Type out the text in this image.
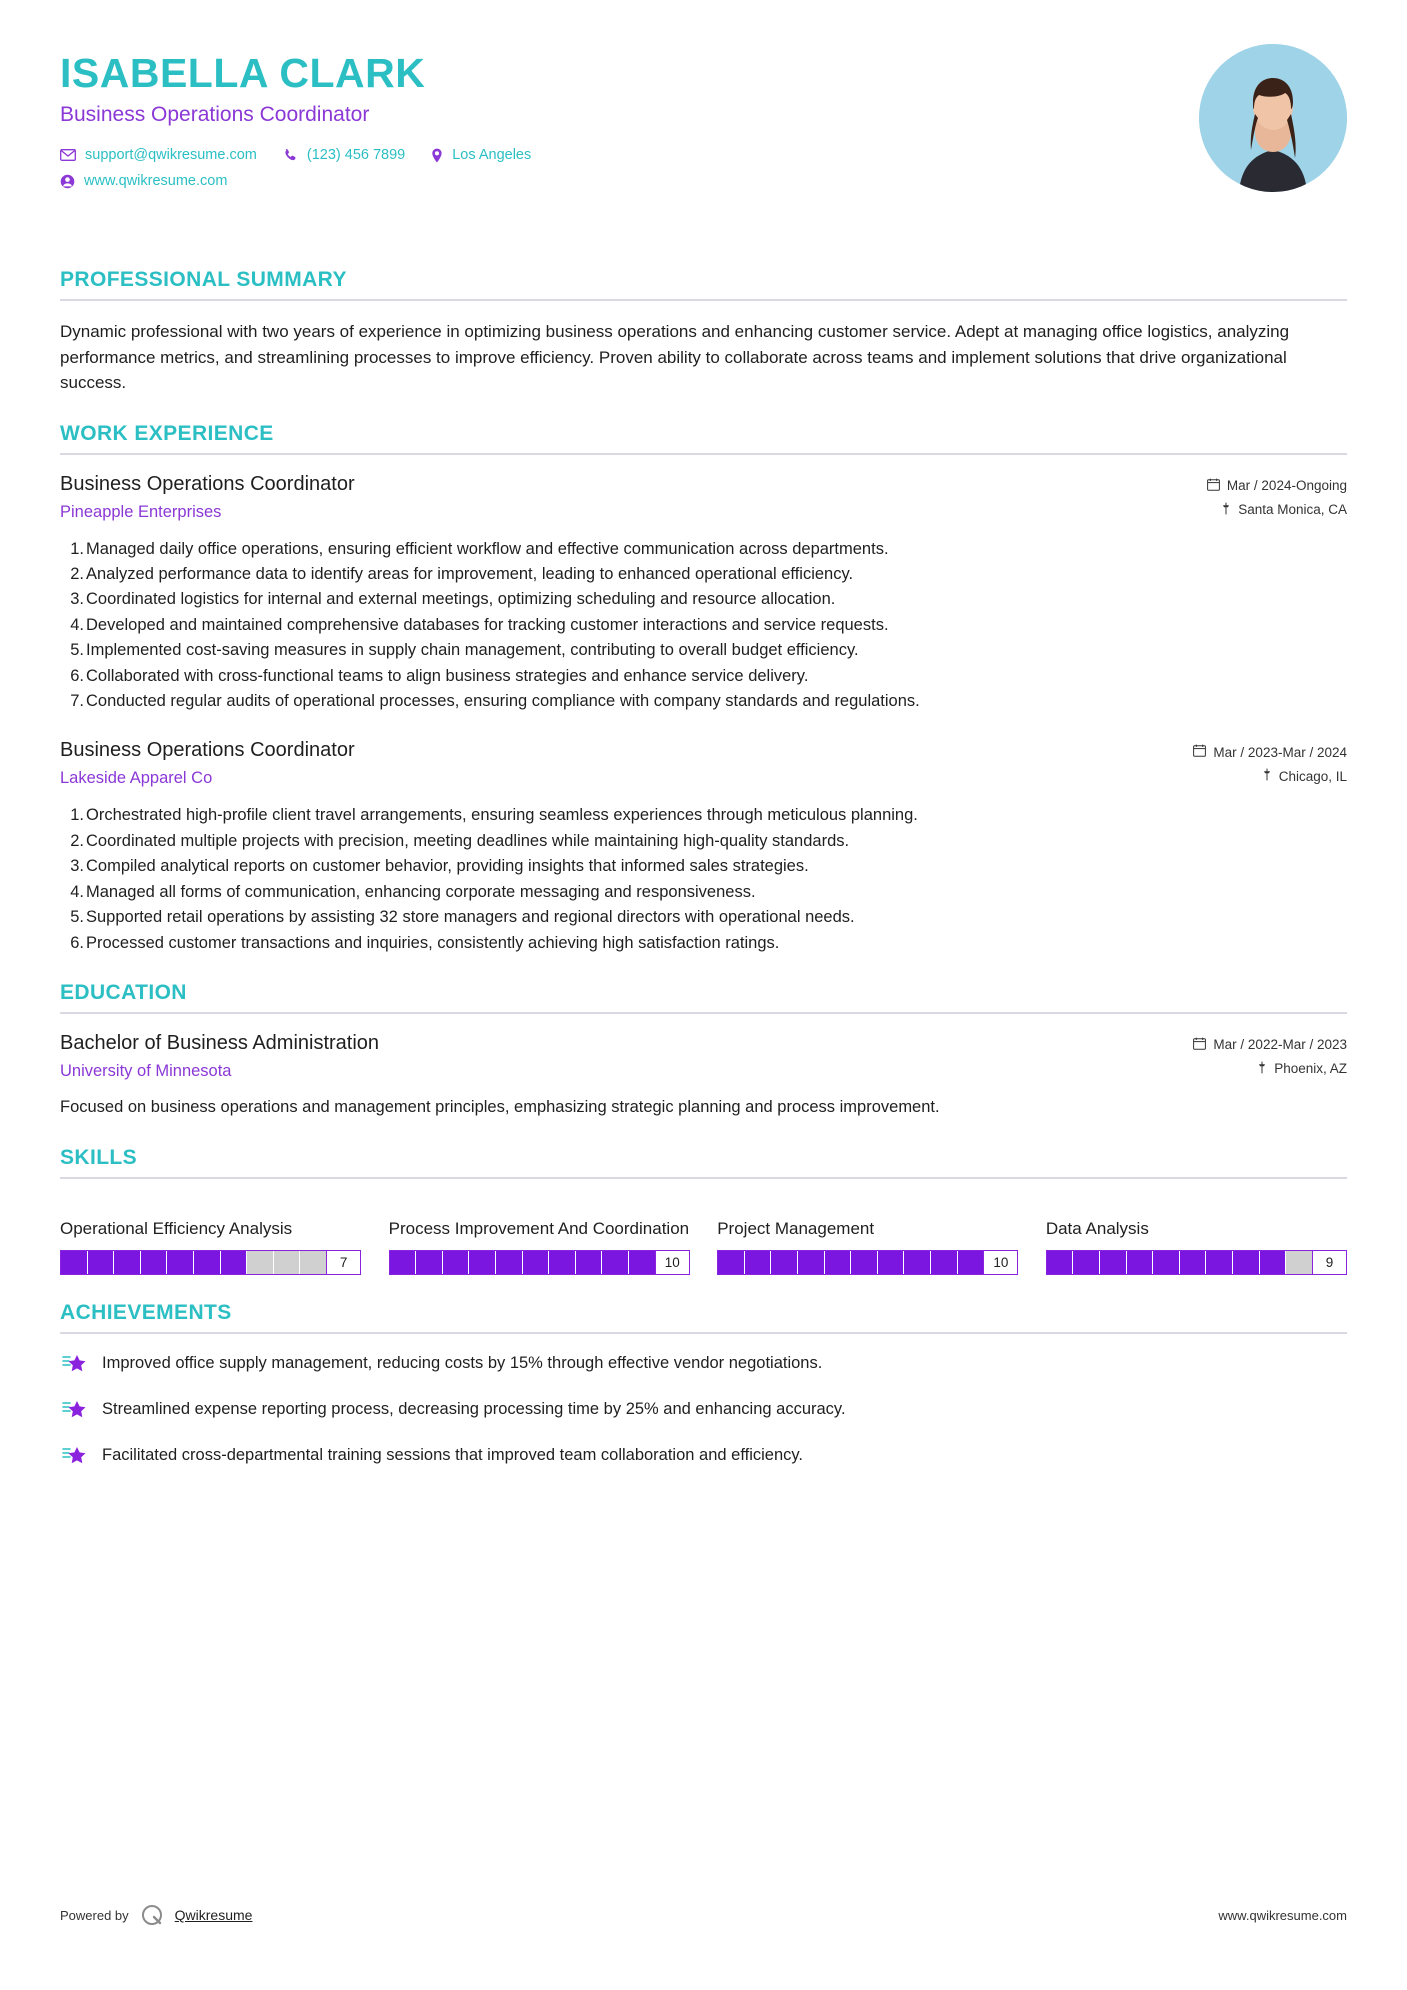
ISABELLA CLARK
Business Operations Coordinator
support@qwikresume.com	(123) 456 7899	Los Angeles
www.qwikresume.com
PROFESSIONAL SUMMARY
Dynamic professional with two years of experience in optimizing business operations and enhancing customer service. Adept at managing office logistics, analyzing performance metrics, and streamlining processes to improve efficiency. Proven ability to collaborate across teams and implement solutions that drive organizational success.
WORK EXPERIENCE
Business Operations Coordinator
Pineapple Enterprises
Mar / 2024-Ongoing
Santa Monica, CA
1. Managed daily office operations, ensuring efficient workflow and effective communication across departments.
2. Analyzed performance data to identify areas for improvement, leading to enhanced operational efficiency.
3. Coordinated logistics for internal and external meetings, optimizing scheduling and resource allocation.
4. Developed and maintained comprehensive databases for tracking customer interactions and service requests.
5. Implemented cost-saving measures in supply chain management, contributing to overall budget efficiency.
6. Collaborated with cross-functional teams to align business strategies and enhance service delivery.
7. Conducted regular audits of operational processes, ensuring compliance with company standards and regulations.
Business Operations Coordinator
Lakeside Apparel Co
Mar / 2023-Mar / 2024
Chicago, IL
1. Orchestrated high-profile client travel arrangements, ensuring seamless experiences through meticulous planning.
2. Coordinated multiple projects with precision, meeting deadlines while maintaining high-quality standards.
3. Compiled analytical reports on customer behavior, providing insights that informed sales strategies.
4. Managed all forms of communication, enhancing corporate messaging and responsiveness.
5. Supported retail operations by assisting 32 store managers and regional directors with operational needs.
6. Processed customer transactions and inquiries, consistently achieving high satisfaction ratings.
EDUCATION
Bachelor of Business Administration
University of Minnesota
Mar / 2022-Mar / 2023
Phoenix, AZ
Focused on business operations and management principles, emphasizing strategic planning and process improvement.
SKILLS
Operational Efficiency Analysis
7
Process Improvement And Coordination
10
Project Management
10
Data Analysis
9
ACHIEVEMENTS
Improved office supply management, reducing costs by 15% through effective vendor negotiations.
Streamlined expense reporting process, decreasing processing time by 25% and enhancing accuracy.
Facilitated cross-departmental training sessions that improved team collaboration and efficiency.
Powered by	Qwikresume	www.qwikresume.com
